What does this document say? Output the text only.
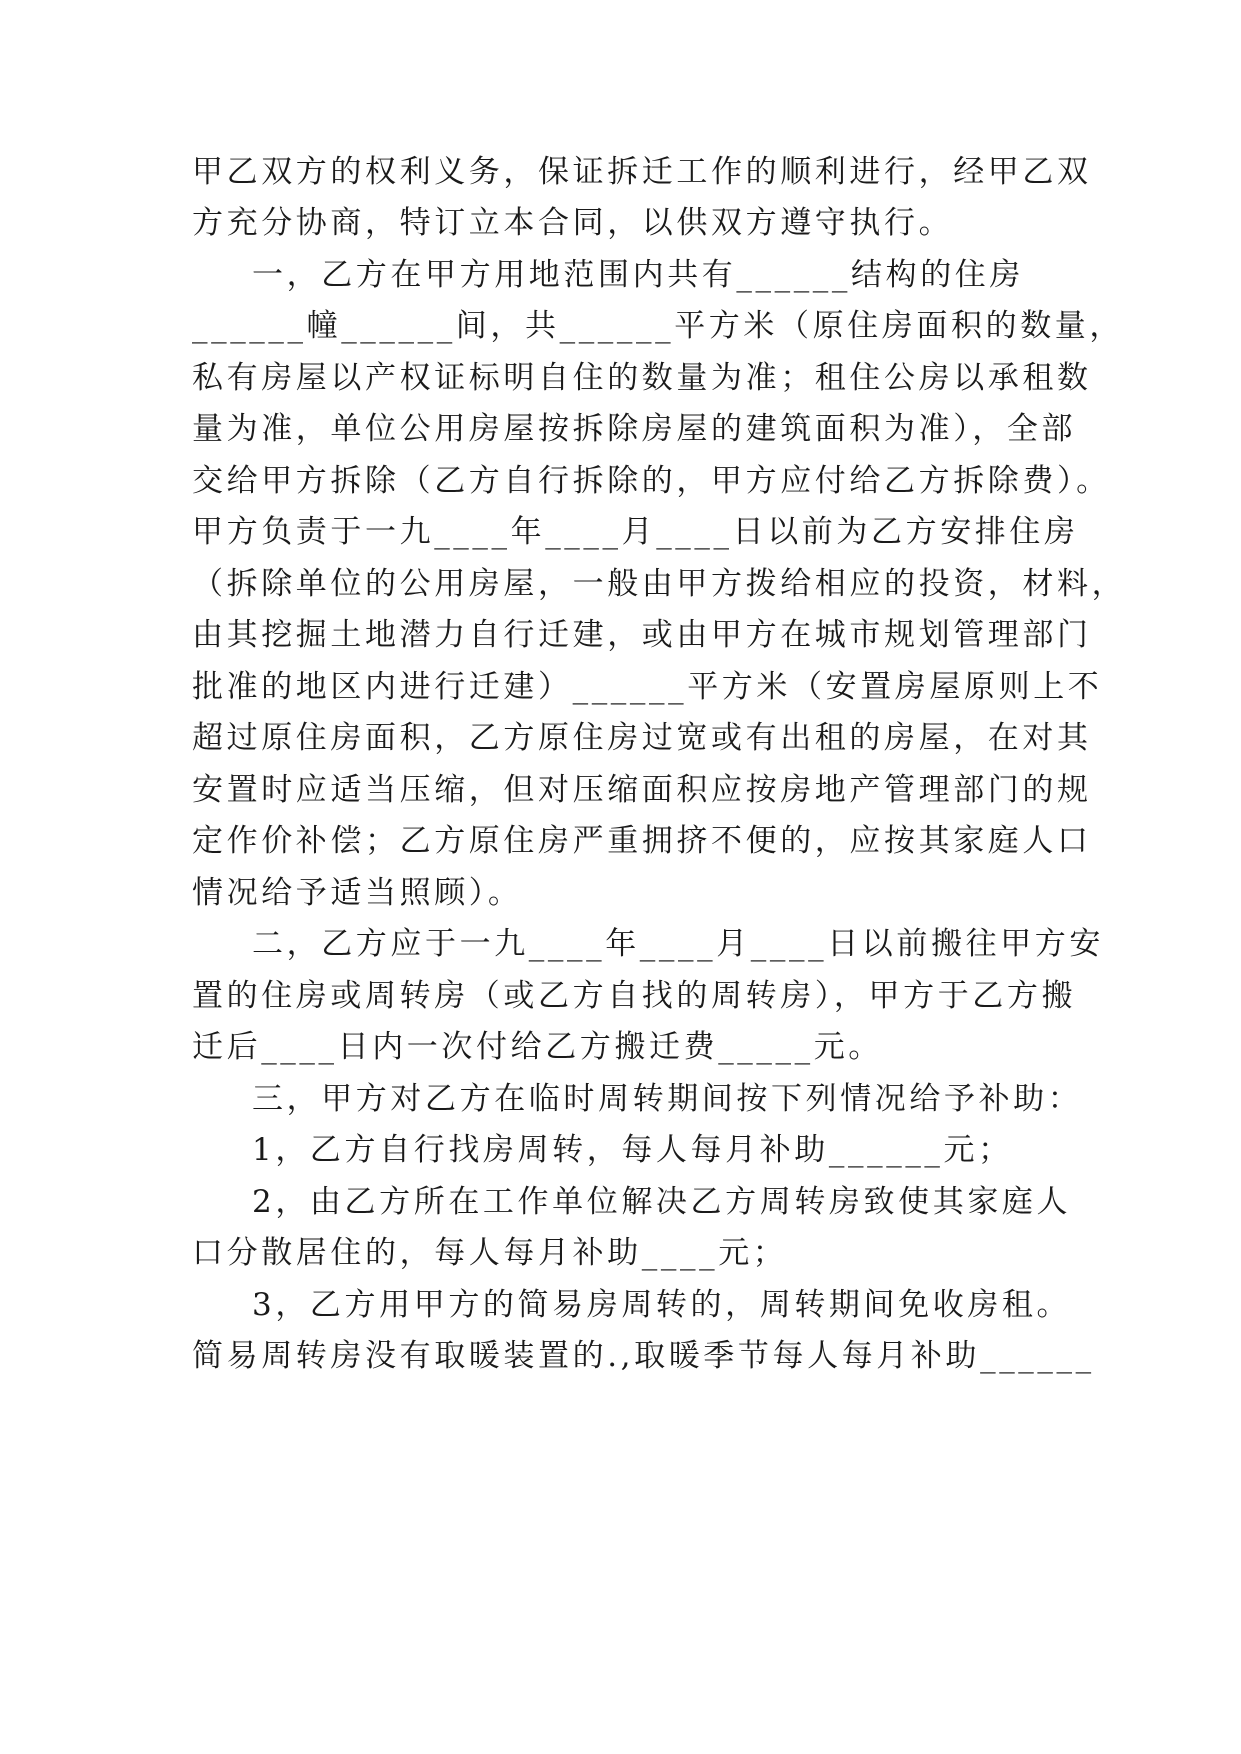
甲乙双方的权利义务，保证拆迁工作的顺利进行，经甲乙双
方充分协商，特订立本合同，以供双方遵守执行。
一，乙方在甲方用地范围内共有______结构的住房
______幢______间，共______平方米（原住房面积的数量，
私有房屋以产权证标明自住的数量为准；租住公房以承租数
量为准，单位公用房屋按拆除房屋的建筑面积为准），全部
交给甲方拆除（乙方自行拆除的，甲方应付给乙方拆除费）。
甲方负责于一九____年____月____日以前为乙方安排住房
（拆除单位的公用房屋，一般由甲方拨给相应的投资，材料，
由其挖掘土地潜力自行迁建，或由甲方在城市规划管理部门
批准的地区内进行迁建）______平方米（安置房屋原则上不
超过原住房面积，乙方原住房过宽或有出租的房屋，在对其
安置时应适当压缩，但对压缩面积应按房地产管理部门的规
定作价补偿；乙方原住房严重拥挤不便的，应按其家庭人口
情况给予适当照顾）。
二，乙方应于一九____年____月____日以前搬往甲方安
置的住房或周转房（或乙方自找的周转房），甲方于乙方搬
迁后____日内一次付给乙方搬迁费_____元。
三，甲方对乙方在临时周转期间按下列情况给予补助：
1，乙方自行找房周转，每人每月补助______元；
2，由乙方所在工作单位解决乙方周转房致使其家庭人
口分散居住的，每人每月补助____元；
3，乙方用甲方的简易房周转的，周转期间免收房租。
简易周转房没有取暖装置的.,取暖季节每人每月补助______
